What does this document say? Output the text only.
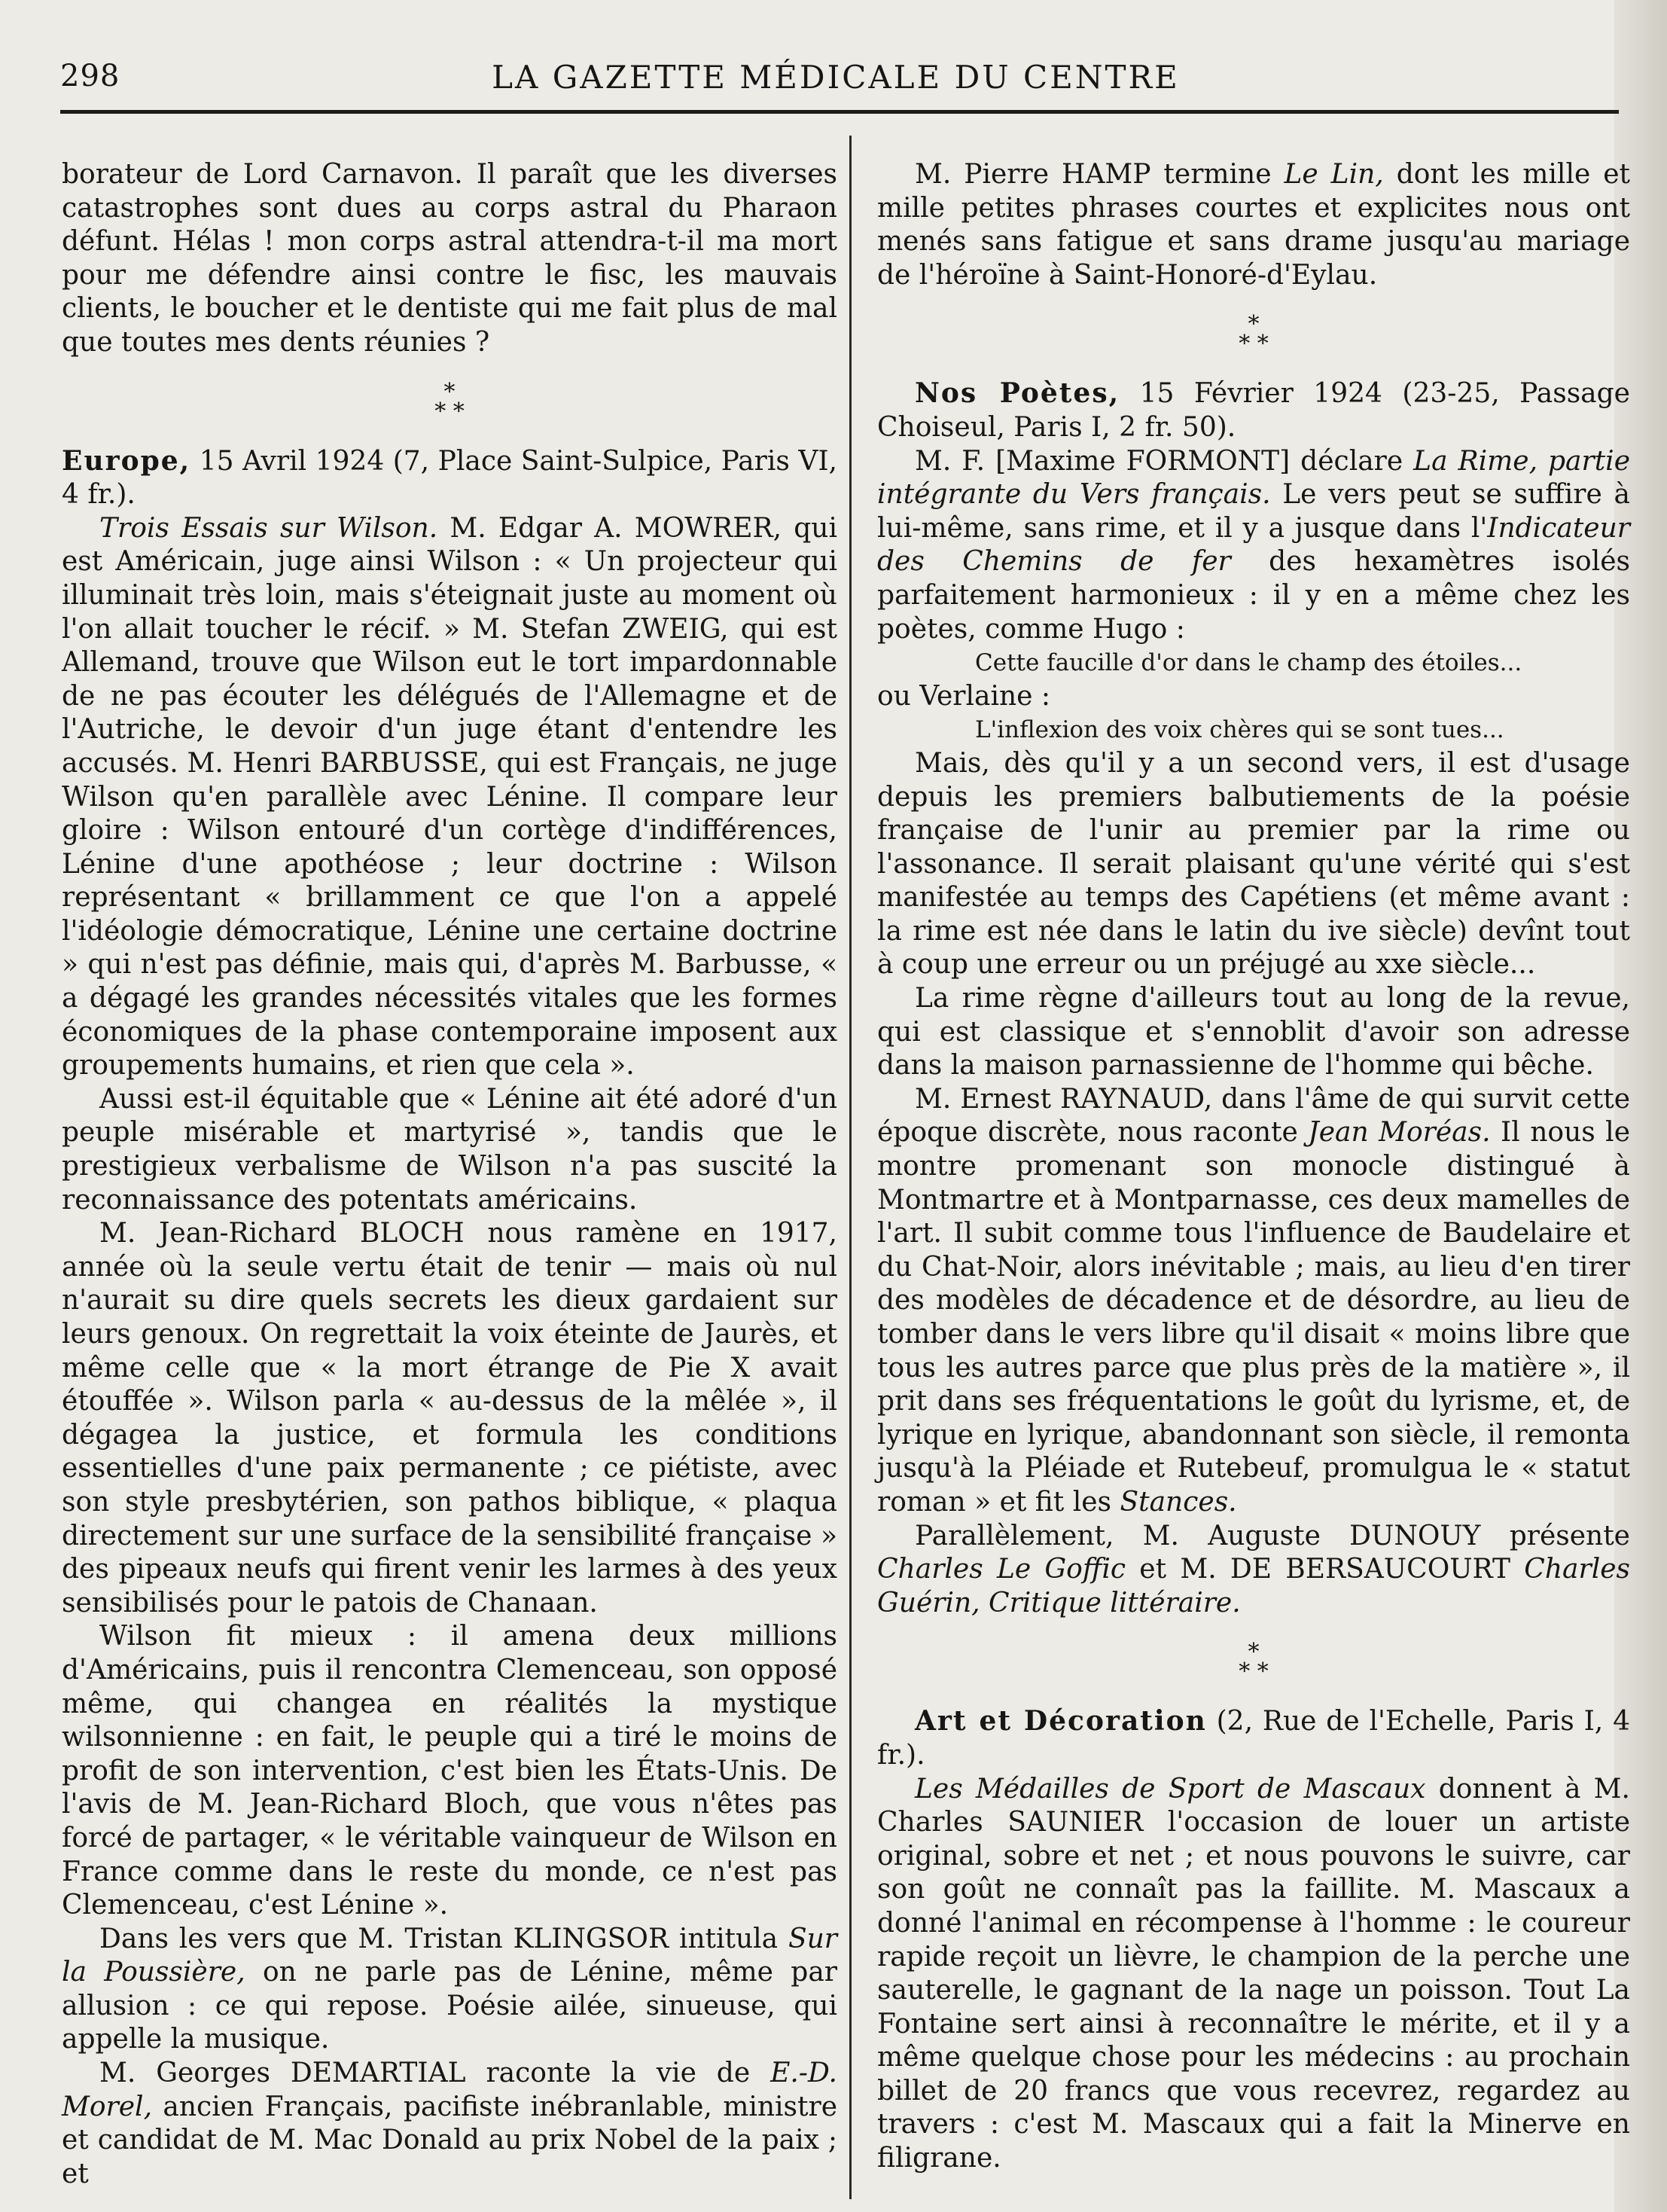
298	LA GAZETTE MÉDICALE DU CENTRE

borateur de Lord Carnavon. Il paraît que les diverses catastrophes sont dues au corps astral du Pharaon défunt. Hélas ! mon corps astral attendra-t-il ma mort pour me défendre ainsi contre le fisc, les mauvais clients, le boucher et le dentiste qui me fait plus de mal que toutes mes dents réunies ?

*
* *

Europe, 15 Avril 1924 (7, Place Saint-Sulpice, Paris VI, 4 fr.).

Trois Essais sur Wilson. M. Edgar A. MOWRER, qui est Américain, juge ainsi Wilson : « Un projecteur qui illuminait très loin, mais s'éteignait juste au moment où l'on allait toucher le récif. » M. Stefan ZWEIG, qui est Allemand, trouve que Wilson eut le tort impardonnable de ne pas écouter les délégués de l'Allemagne et de l'Autriche, le devoir d'un juge étant d'entendre les accusés. M. Henri BARBUSSE, qui est Français, ne juge Wilson qu'en parallèle avec Lénine. Il compare leur gloire : Wilson entouré d'un cortège d'indifférences, Lénine d'une apothéose ; leur doctrine : Wilson représentant « brillamment ce que l'on a appelé l'idéologie démocratique, Lénine une certaine doctrine » qui n'est pas définie, mais qui, d'après M. Barbusse, « a dégagé les grandes nécessités vitales que les formes économiques de la phase contemporaine imposent aux groupements humains, et rien que cela ».

Aussi est-il équitable que « Lénine ait été adoré d'un peuple misérable et martyrisé », tandis que le prestigieux verbalisme de Wilson n'a pas suscité la reconnaissance des potentats américains.

M. Jean-Richard BLOCH nous ramène en 1917, année où la seule vertu était de tenir — mais où nul n'aurait su dire quels secrets les dieux gardaient sur leurs genoux. On regrettait la voix éteinte de Jaurès, et même celle que « la mort étrange de Pie X avait étouffée ». Wilson parla « au-dessus de la mêlée », il dégagea la justice, et formula les conditions essentielles d'une paix permanente ; ce piétiste, avec son style presbytérien, son pathos biblique, « plaqua directement sur une surface de la sensibilité française » des pipeaux neufs qui firent venir les larmes à des yeux sensibilisés pour le patois de Chanaan.

Wilson fit mieux : il amena deux millions d'Américains, puis il rencontra Clemenceau, son opposé même, qui changea en réalités la mystique wilsonnienne : en fait, le peuple qui a tiré le moins de profit de son intervention, c'est bien les États-Unis. De l'avis de M. Jean-Richard Bloch, que vous n'êtes pas forcé de partager, « le véritable vainqueur de Wilson en France comme dans le reste du monde, ce n'est pas Clemenceau, c'est Lénine ».

Dans les vers que M. Tristan KLINGSOR intitula Sur la Poussière, on ne parle pas de Lénine, même par allusion : ce qui repose. Poésie ailée, sinueuse, qui appelle la musique.

M. Georges DEMARTIAL raconte la vie de E.-D. Morel, ancien Français, pacifiste inébranlable, ministre et candidat de M. Mac Donald au prix Nobel de la paix ; et

M. Pierre HAMP termine Le Lin, dont les mille et mille petites phrases courtes et explicites nous ont menés sans fatigue et sans drame jusqu'au mariage de l'héroïne à Saint-Honoré-d'Eylau.

*
* *

Nos Poètes, 15 Février 1924 (23-25, Passage Choiseul, Paris I, 2 fr. 50).

M. F. [Maxime FORMONT] déclare La Rime, partie intégrante du Vers français. Le vers peut se suffire à lui-même, sans rime, et il y a jusque dans l'Indicateur des Chemins de fer des hexamètres isolés parfaitement harmonieux : il y en a même chez les poètes, comme Hugo :

Cette faucille d'or dans le champ des étoiles...

ou Verlaine :

L'inflexion des voix chères qui se sont tues...

Mais, dès qu'il y a un second vers, il est d'usage depuis les premiers balbutiements de la poésie française de l'unir au premier par la rime ou l'assonance. Il serait plaisant qu'une vérité qui s'est manifestée au temps des Capétiens (et même avant : la rime est née dans le latin du ive siècle) devînt tout à coup une erreur ou un préjugé au xxe siècle...

La rime règne d'ailleurs tout au long de la revue, qui est classique et s'ennoblit d'avoir son adresse dans la maison parnassienne de l'homme qui bêche.

M. Ernest RAYNAUD, dans l'âme de qui survit cette époque discrète, nous raconte Jean Moréas. Il nous le montre promenant son monocle distingué à Montmartre et à Montparnasse, ces deux mamelles de l'art. Il subit comme tous l'influence de Baudelaire et du Chat-Noir, alors inévitable ; mais, au lieu d'en tirer des modèles de décadence et de désordre, au lieu de tomber dans le vers libre qu'il disait « moins libre que tous les autres parce que plus près de la matière », il prit dans ses fréquentations le goût du lyrisme, et, de lyrique en lyrique, abandonnant son siècle, il remonta jusqu'à la Pléiade et Rutebeuf, promulgua le « statut roman » et fit les Stances.

Parallèlement, M. Auguste DUNOUY présente Charles Le Goffic et M. DE BERSAUCOURT Charles Guérin, Critique littéraire.

*
* *

Art et Décoration (2, Rue de l'Echelle, Paris I, 4 fr.).

Les Médailles de Sport de Mascaux donnent à M. Charles SAUNIER l'occasion de louer un artiste original, sobre et net ; et nous pouvons le suivre, car son goût ne connaît pas la faillite. M. Mascaux a donné l'animal en récompense à l'homme : le coureur rapide reçoit un lièvre, le champion de la perche une sauterelle, le gagnant de la nage un poisson. Tout La Fontaine sert ainsi à reconnaître le mérite, et il y a même quelque chose pour les médecins : au prochain billet de 20 francs que vous recevrez, regardez au travers : c'est M. Mascaux qui a fait la Minerve en filigrane.
